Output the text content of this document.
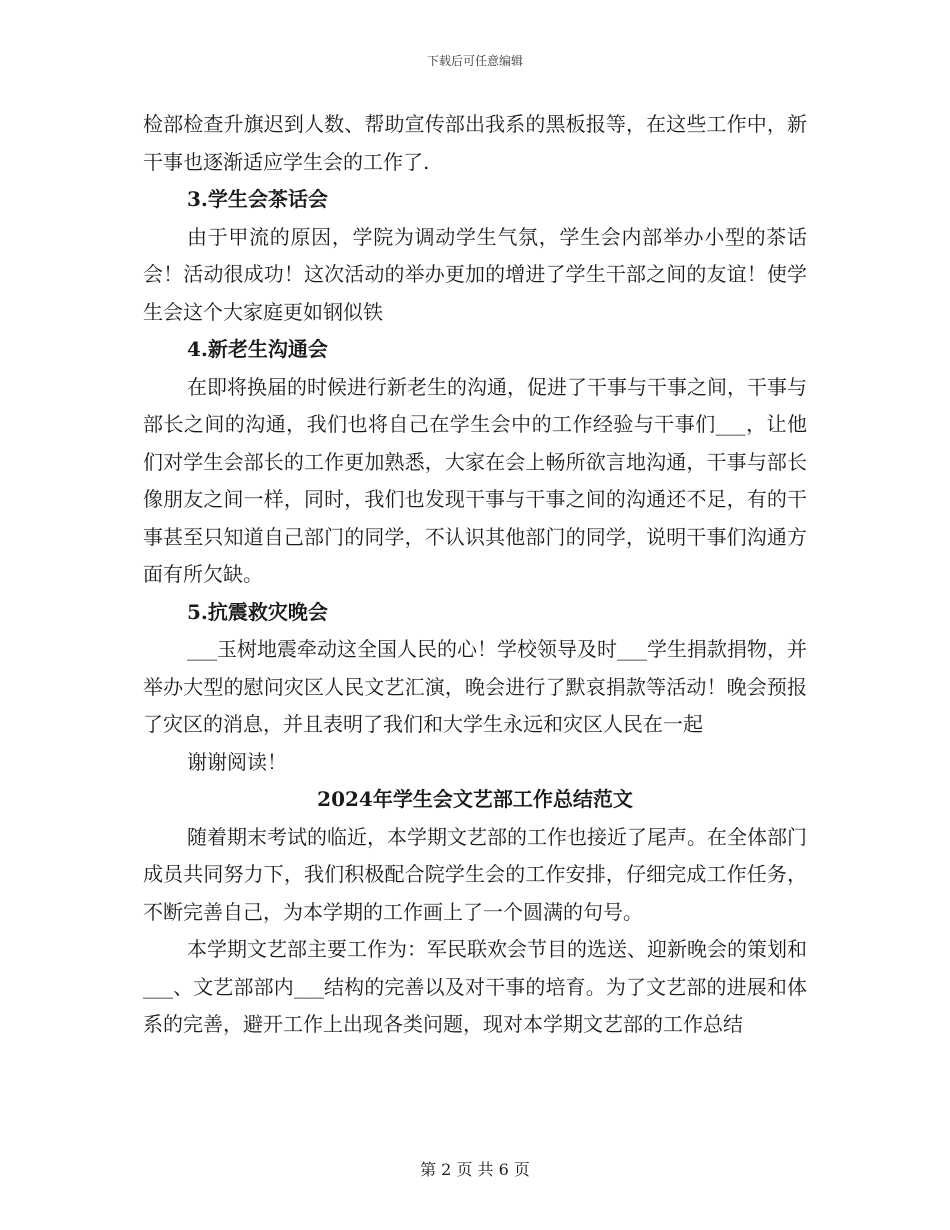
下载后可任意编辑

检部检查升旗迟到人数、帮助宣传部出我系的黑板报等，在这些工作中，新干事也逐渐适应学生会的工作了.

3.学生会茶话会

由于甲流的原因，学院为调动学生气氛，学生会内部举办小型的茶话会！活动很成功！这次活动的举办更加的增进了学生干部之间的友谊！使学生会这个大家庭更如钢似铁

4.新老生沟通会

在即将换届的时候进行新老生的沟通，促进了干事与干事之间，干事与部长之间的沟通，我们也将自己在学生会中的工作经验与干事们___，让他们对学生会部长的工作更加熟悉，大家在会上畅所欲言地沟通，干事与部长像朋友之间一样，同时，我们也发现干事与干事之间的沟通还不足，有的干事甚至只知道自己部门的同学，不认识其他部门的同学，说明干事们沟通方面有所欠缺。

5.抗震救灾晚会

___玉树地震牵动这全国人民的心！学校领导及时___学生捐款捐物，并举办大型的慰问灾区人民文艺汇演，晚会进行了默哀捐款等活动！晚会预报了灾区的消息，并且表明了我们和大学生永远和灾区人民在一起

谢谢阅读！

2024年学生会文艺部工作总结范文

随着期末考试的临近，本学期文艺部的工作也接近了尾声。在全体部门成员共同努力下，我们积极配合院学生会的工作安排，仔细完成工作任务，不断完善自己，为本学期的工作画上了一个圆满的句号。

本学期文艺部主要工作为：军民联欢会节目的选送、迎新晚会的策划和___、文艺部部内___结构的完善以及对干事的培育。为了文艺部的进展和体系的完善，避开工作上出现各类问题，现对本学期文艺部的工作总结

第 2 页 共 6 页
